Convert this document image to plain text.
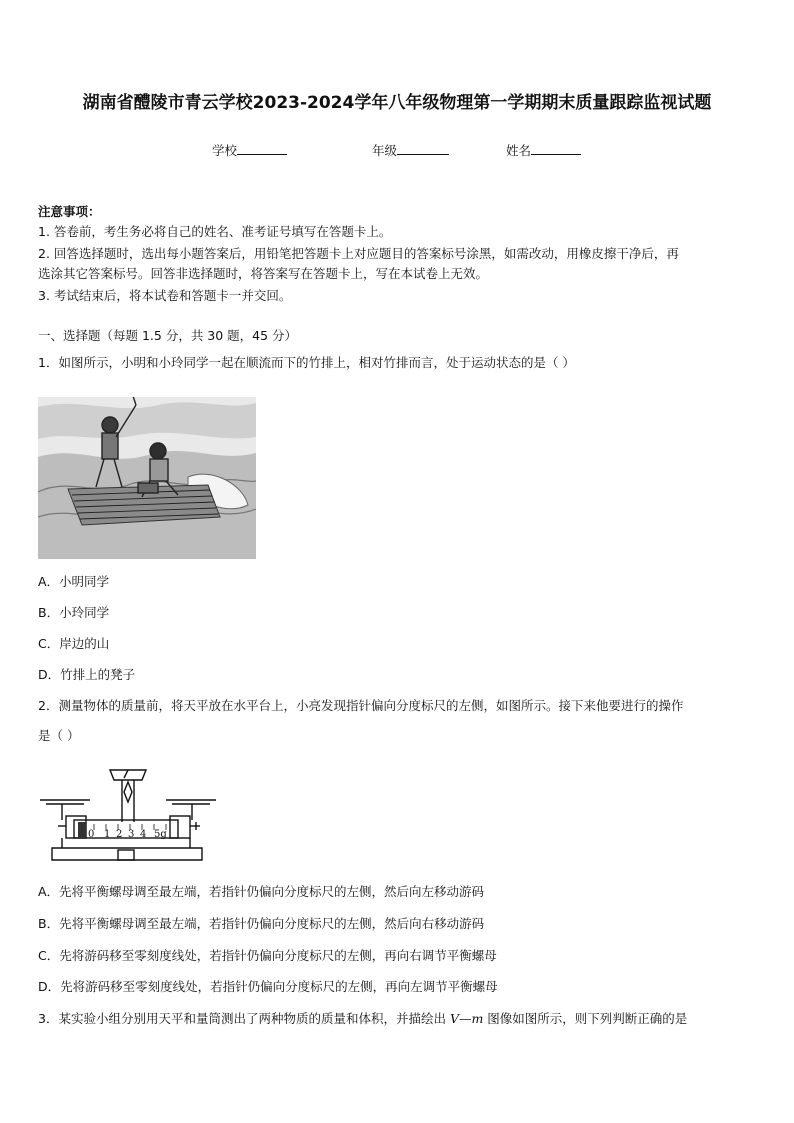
湖南省醴陵市青云学校2023-2024学年八年级物理第一学期期末质量跟踪监视试题
学校	年级	姓名
注意事项：
1. 答卷前，考生务必将自己的姓名、准考证号填写在答题卡上。
2. 回答选择题时，选出每小题答案后，用铅笔把答题卡上对应题目的答案标号涂黑，如需改动，用橡皮擦干净后，再
选涂其它答案标号。回答非选择题时，将答案写在答题卡上，写在本试卷上无效。
3. 考试结束后，将本试卷和答题卡一并交回。
一、选择题（每题 1.5 分，共 30 题，45 分）
1．如图所示，小明和小玲同学一起在顺流而下的竹排上，相对竹排而言，处于运动状态的是（ ）
A．小明同学
B．小玲同学
C．岸边的山
D．竹排上的凳子
2．测量物体的质量前，将天平放在水平台上，小亮发现指针偏向分度标尺的左侧，如图所示。接下来他要进行的操作
是（ ）
0 1 2 3 4 5g
A．先将平衡螺母调至最左端，若指针仍偏向分度标尺的左侧，然后向左移动游码
B．先将平衡螺母调至最左端，若指针仍偏向分度标尺的左侧，然后向右移动游码
C．先将游码移至零刻度线处，若指针仍偏向分度标尺的左侧，再向右调节平衡螺母
D．先将游码移至零刻度线处，若指针仍偏向分度标尺的左侧，再向左调节平衡螺母
3．某实验小组分别用天平和量筒测出了两种物质的质量和体积，并描绘出 V—m 图像如图所示，则下列判断正确的是
